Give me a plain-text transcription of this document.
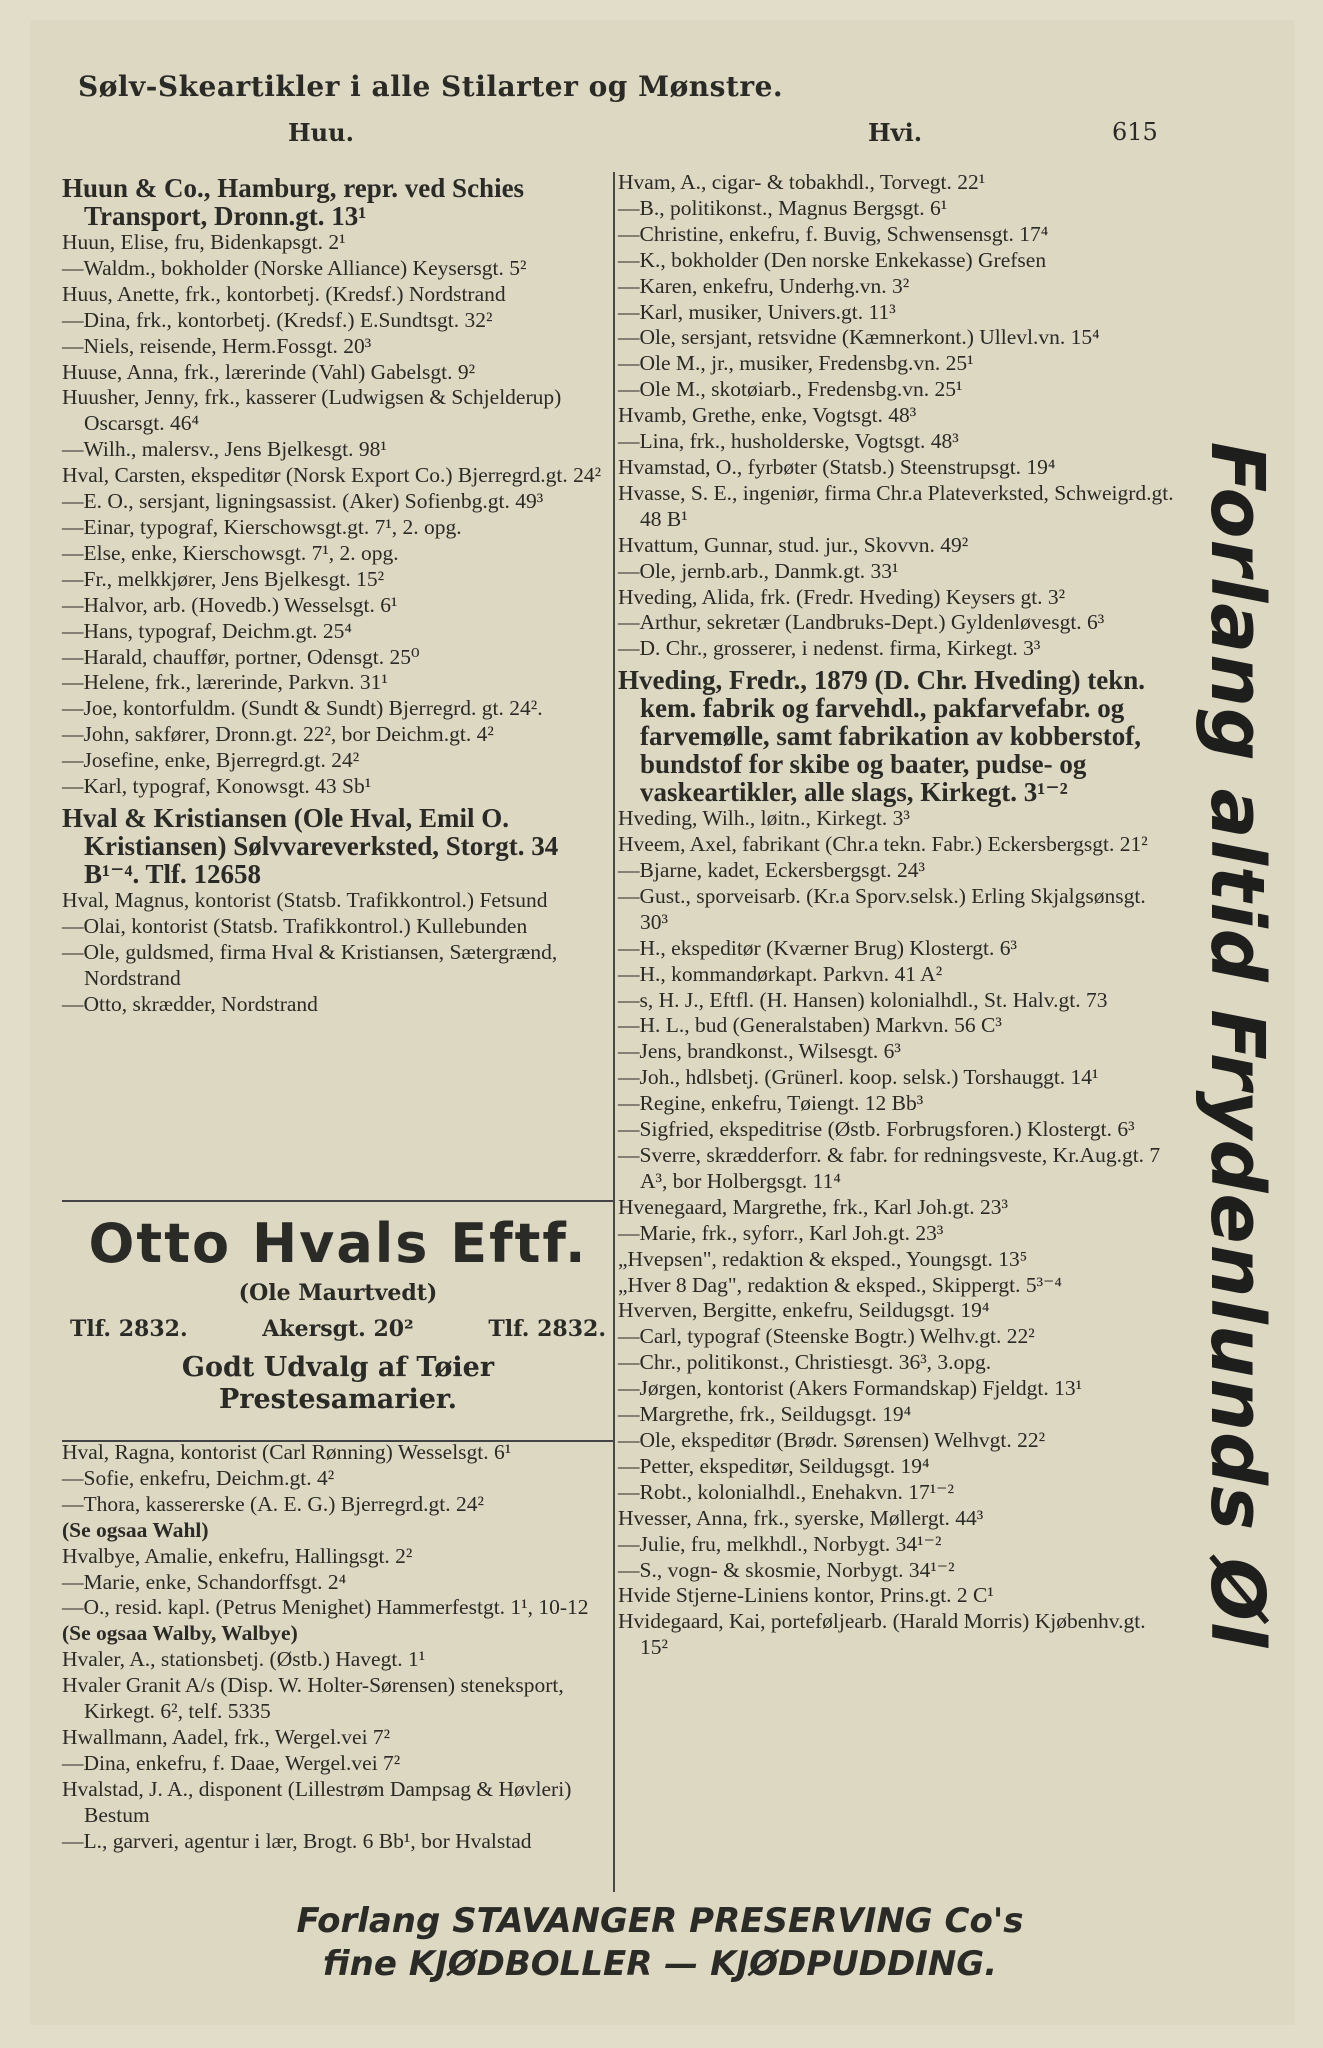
Sølv-Skeartikler i alle Stilarter og Mønstre.
Huu.	Hvi.	615

Huun & Co., Hamburg, repr. ved Schies Transport, Dronn.gt. 13¹

Huun, Elise, fru, Bidenkapsgt. 2¹

—Waldm., bokholder (Norske Alliance) Keysersgt. 5²

Huus, Anette, frk., kontorbetj. (Kredsf.) Nordstrand

—Dina, frk., kontorbetj. (Kredsf.) E.Sundtsgt. 32²

—Niels, reisende, Herm.Fossgt. 20³

Huuse, Anna, frk., lærerinde (Vahl) Gabelsgt. 9²

Huusher, Jenny, frk., kasserer (Ludwigsen & Schjelderup) Oscarsgt. 46⁴

—Wilh., malersv., Jens Bjelkesgt. 98¹

Hval, Carsten, ekspeditør (Norsk Export Co.) Bjerregrd.gt. 24²

—E. O., sersjant, ligningsassist. (Aker) Sofienbg.gt. 49³

—Einar, typograf, Kierschowsgt.gt. 7¹, 2. opg.

—Else, enke, Kierschowsgt. 7¹, 2. opg.

—Fr., melkkjører, Jens Bjelkesgt. 15²

—Halvor, arb. (Hovedb.) Wesselsgt. 6¹

—Hans, typograf, Deichm.gt. 25⁴

—Harald, chauffør, portner, Odensgt. 25⁰

—Helene, frk., lærerinde, Parkvn. 31¹

—Joe, kontorfuldm. (Sundt & Sundt) Bjerregrd. gt. 24².

—John, sakfører, Dronn.gt. 22², bor Deichm.gt. 4²

—Josefine, enke, Bjerregrd.gt. 24²

—Karl, typograf, Konowsgt. 43 Sb¹

Hval & Kristiansen (Ole Hval, Emil O. Kristiansen) Sølvvareverksted, Storgt. 34 B¹⁻⁴. Tlf. 12658

Hval, Magnus, kontorist (Statsb. Trafikkontrol.) Fetsund

—Olai, kontorist (Statsb. Trafikkontrol.) Kullebunden

—Ole, guldsmed, firma Hval & Kristiansen, Sætergrænd, Nordstrand

—Otto, skrædder, Nordstrand

Otto Hvals Eftf.
(Ole Maurtvedt)
Tlf. 2832.	Akersgt. 20²	Tlf. 2832.
Godt Udvalg af Tøier
Prestesamarier.

Hval, Ragna, kontorist (Carl Rønning) Wesselsgt. 6¹

—Sofie, enkefru, Deichm.gt. 4²

—Thora, kassererske (A. E. G.) Bjerregrd.gt. 24²

(Se ogsaa Wahl)

Hvalbye, Amalie, enkefru, Hallingsgt. 2²

—Marie, enke, Schandorffsgt. 2⁴

—O., resid. kapl. (Petrus Menighet) Hammerfestgt. 1¹, 10-12

(Se ogsaa Walby, Walbye)

Hvaler, A., stationsbetj. (Østb.) Havegt. 1¹

Hvaler Granit A/s (Disp. W. Holter-Sørensen) steneksport, Kirkegt. 6², telf. 5335

Hwallmann, Aadel, frk., Wergel.vei 7²

—Dina, enkefru, f. Daae, Wergel.vei 7²

Hvalstad, J. A., disponent (Lillestrøm Dampsag & Høvleri) Bestum

—L., garveri, agentur i lær, Brogt. 6 Bb¹, bor Hvalstad

Hvam, A., cigar- & tobakhdl., Torvegt. 22¹

—B., politikonst., Magnus Bergsgt. 6¹

—Christine, enkefru, f. Buvig, Schwensensgt. 17⁴

—K., bokholder (Den norske Enkekasse) Grefsen

—Karen, enkefru, Underhg.vn. 3²

—Karl, musiker, Univers.gt. 11³

—Ole, sersjant, retsvidne (Kæmnerkont.) Ullevl.vn. 15⁴

—Ole M., jr., musiker, Fredensbg.vn. 25¹

—Ole M., skotøiarb., Fredensbg.vn. 25¹

Hvamb, Grethe, enke, Vogtsgt. 48³

—Lina, frk., husholderske, Vogtsgt. 48³

Hvamstad, O., fyrbøter (Statsb.) Steenstrupsgt. 19⁴

Hvasse, S. E., ingeniør, firma Chr.a Plateverksted, Schweigrd.gt. 48 B¹

Hvattum, Gunnar, stud. jur., Skovvn. 49²

—Ole, jernb.arb., Danmk.gt. 33¹

Hveding, Alida, frk. (Fredr. Hveding) Keysers gt. 3²

—Arthur, sekretær (Landbruks-Dept.) Gyldenløvesgt. 6³

—D. Chr., grosserer, i nedenst. firma, Kirkegt. 3³

Hveding, Fredr., 1879 (D. Chr. Hveding) tekn. kem. fabrik og farvehdl., pakfarvefabr. og farvemølle, samt fabrikation av kobberstof, bundstof for skibe og baater, pudse- og vaskeartikler, alle slags, Kirkegt. 3¹⁻²

Hveding, Wilh., løitn., Kirkegt. 3³

Hveem, Axel, fabrikant (Chr.a tekn. Fabr.) Eckersbergsgt. 21²

—Bjarne, kadet, Eckersbergsgt. 24³

—Gust., sporveisarb. (Kr.a Sporv.selsk.) Erling Skjalgsønsgt. 30³

—H., ekspeditør (Kværner Brug) Klostergt. 6³

—H., kommandørkapt. Parkvn. 41 A²

—s, H. J., Eftfl. (H. Hansen) kolonialhdl., St. Halv.gt. 73

—H. L., bud (Generalstaben) Markvn. 56 C³

—Jens, brandkonst., Wilsesgt. 6³

—Joh., hdlsbetj. (Grünerl. koop. selsk.) Torshauggt. 14¹

—Regine, enkefru, Tøiengt. 12 Bb³

—Sigfried, ekspeditrise (Østb. Forbrugsforen.) Klostergt. 6³

—Sverre, skrædderforr. & fabr. for redningsveste, Kr.Aug.gt. 7 A³, bor Holbergsgt. 11⁴

Hvenegaard, Margrethe, frk., Karl Joh.gt. 23³

—Marie, frk., syforr., Karl Joh.gt. 23³

„Hvepsen", redaktion & eksped., Youngsgt. 13⁵

„Hver 8 Dag", redaktion & eksped., Skippergt. 5³⁻⁴

Hverven, Bergitte, enkefru, Seildugsgt. 19⁴

—Carl, typograf (Steenske Bogtr.) Welhv.gt. 22²

—Chr., politikonst., Christiesgt. 36³, 3.opg.

—Jørgen, kontorist (Akers Formandskap) Fjeldgt. 13¹

—Margrethe, frk., Seildugsgt. 19⁴

—Ole, ekspeditør (Brødr. Sørensen) Welhvgt. 22²

—Petter, ekspeditør, Seildugsgt. 19⁴

—Robt., kolonialhdl., Enehakvn. 17¹⁻²

Hvesser, Anna, frk., syerske, Møllergt. 44³

—Julie, fru, melkhdl., Norbygt. 34¹⁻²

—S., vogn- & skosmie, Norbygt. 34¹⁻²

Hvide Stjerne-Liniens kontor, Prins.gt. 2 C¹

Hvidegaard, Kai, porteføljearb. (Harald Morris) Kjøbenhv.gt. 15²	Forlang altid Frydenlunds Øl
Forlang STAVANGER PRESERVING Co's
fine KJØDBOLLER — KJØDPUDDING.
